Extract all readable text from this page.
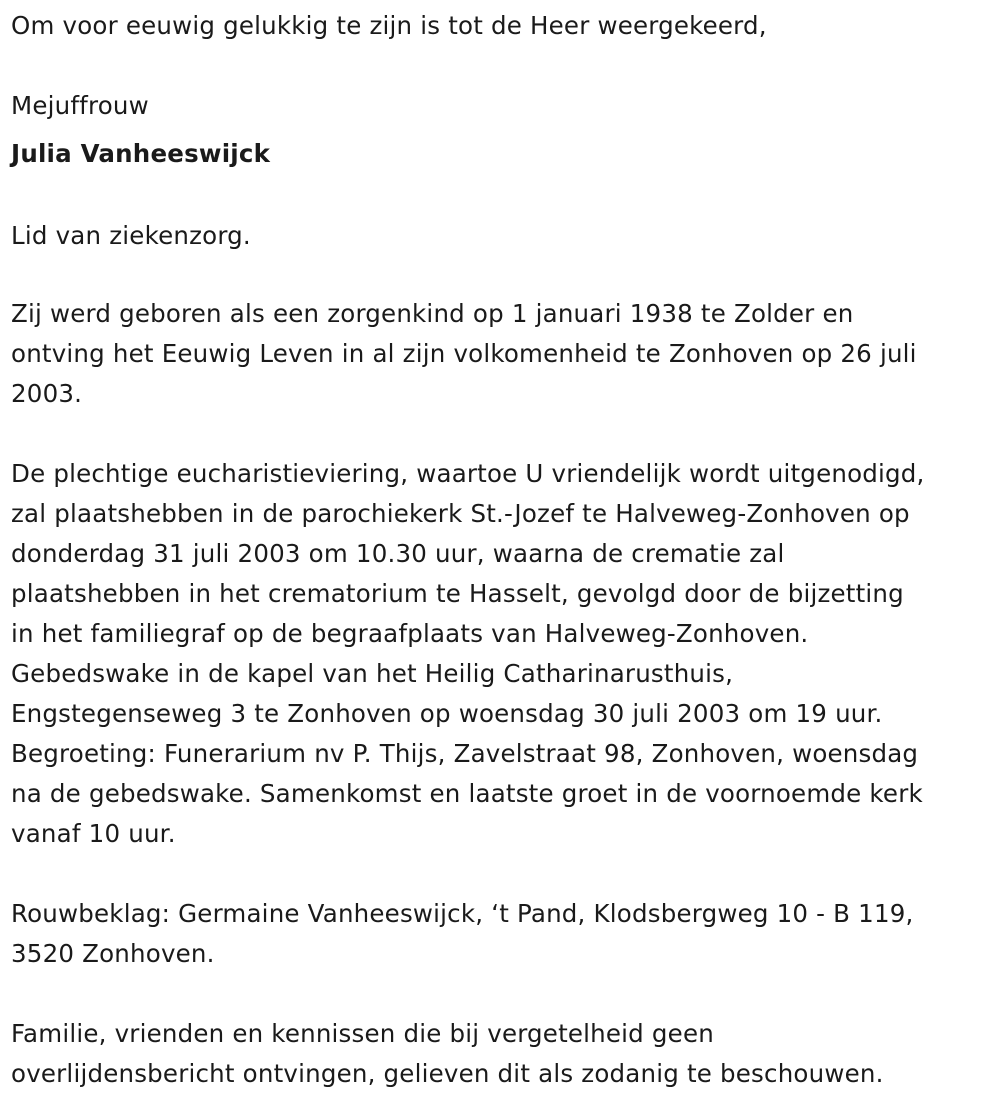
Om voor eeuwig gelukkig te zijn is tot de Heer weergekeerd,

Mejuffrouw

Julia Vanheeswijck

Lid van ziekenzorg.

Zij werd geboren als een zorgenkind op 1 januari 1938 te Zolder en
ontving het Eeuwig Leven in al zijn volkomenheid te Zonhoven op 26 juli
2003.

De plechtige eucharistieviering, waartoe U vriendelijk wordt uitgenodigd,
zal plaatshebben in de parochiekerk St.-Jozef te Halveweg-Zonhoven op
donderdag 31 juli 2003 om 10.30 uur, waarna de crematie zal
plaatshebben in het crematorium te Hasselt, gevolgd door de bijzetting
in het familiegraf op de begraafplaats van Halveweg-Zonhoven.
Gebedswake in de kapel van het Heilig Catharinarusthuis,
Engstegenseweg 3 te Zonhoven op woensdag 30 juli 2003 om 19 uur.
Begroeting: Funerarium nv P. Thijs, Zavelstraat 98, Zonhoven, woensdag
na de gebedswake. Samenkomst en laatste groet in de voornoemde kerk
vanaf 10 uur.

Rouwbeklag: Germaine Vanheeswijck, ‘t Pand, Klodsbergweg 10 - B 119,
3520 Zonhoven.

Familie, vrienden en kennissen die bij vergetelheid geen
overlijdensbericht ontvingen, gelieven dit als zodanig te beschouwen.
